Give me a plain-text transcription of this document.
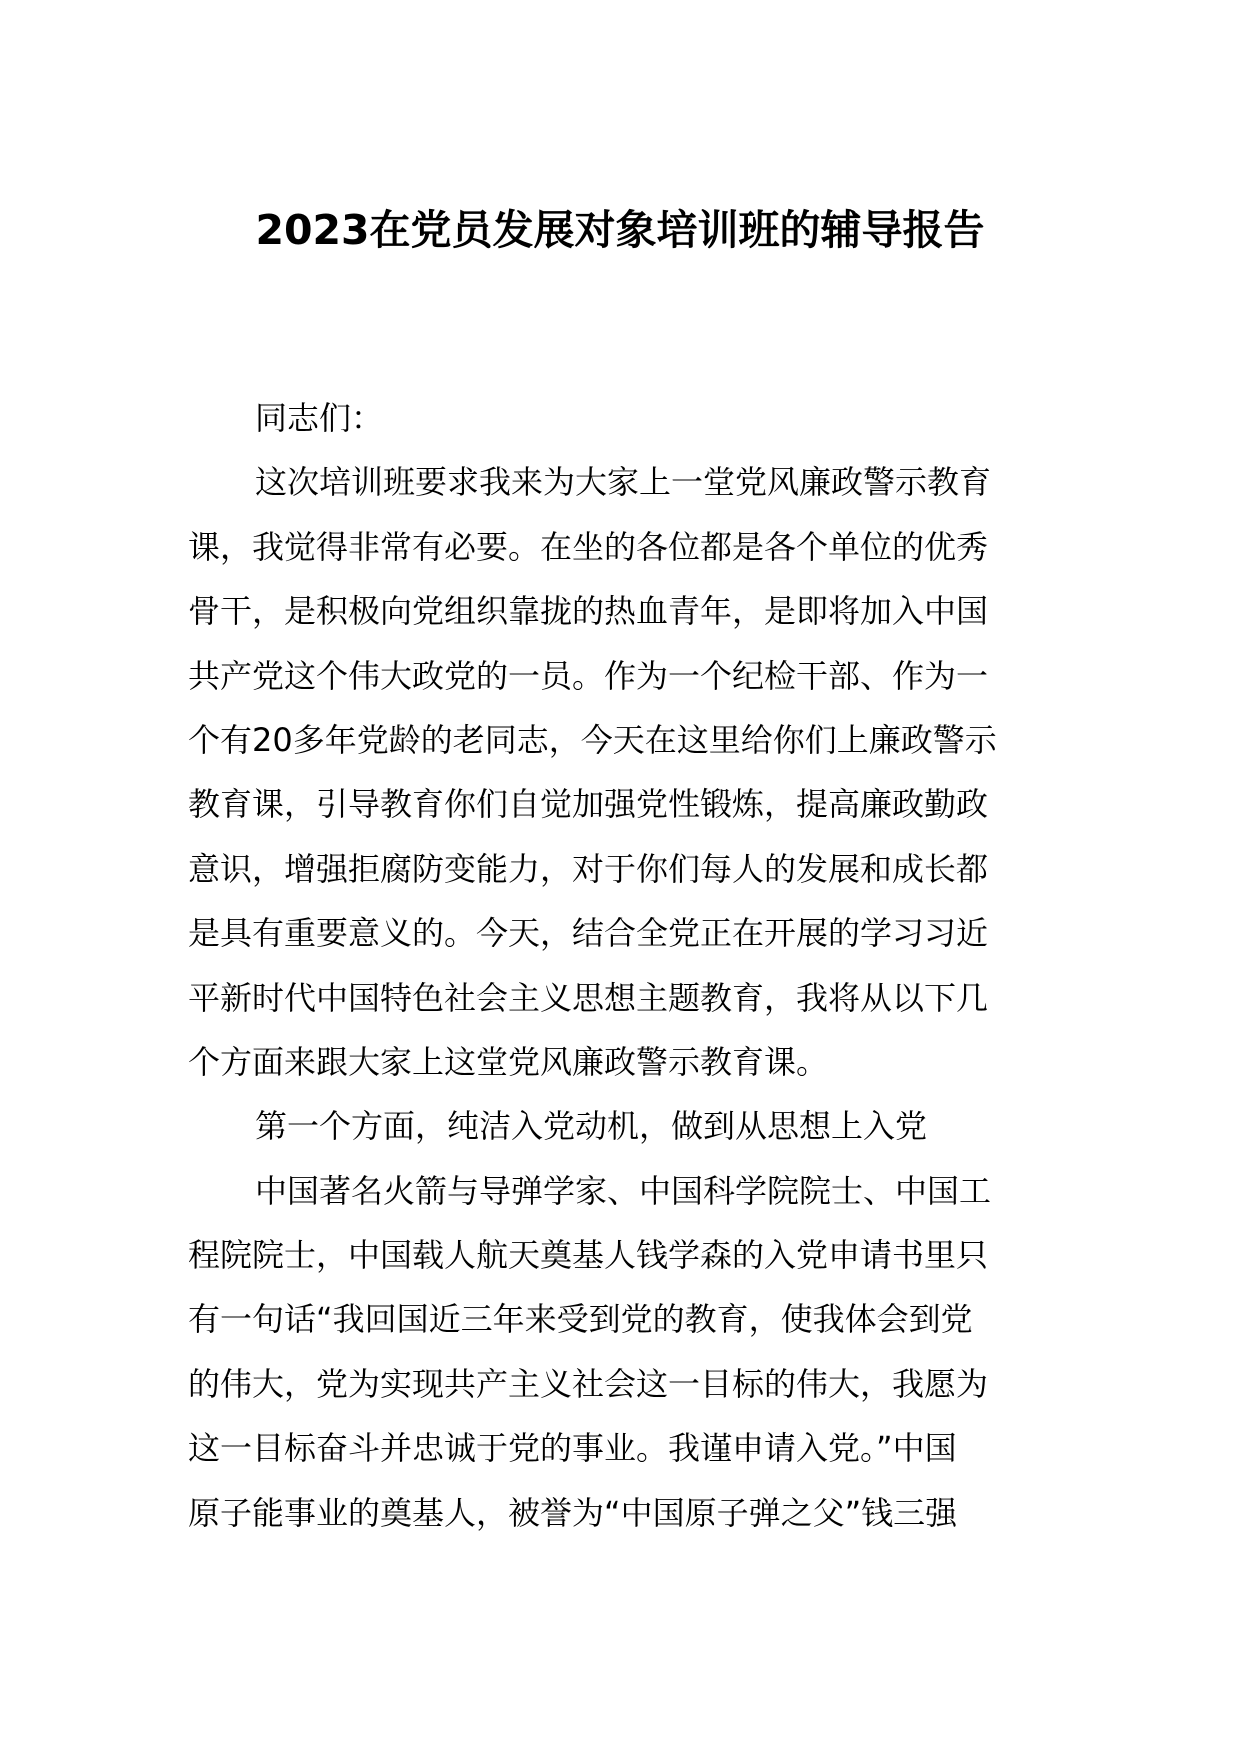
2023在党员发展对象培训班的辅导报告
同志们：
这次培训班要求我来为大家上一堂党风廉政警示教育
课，我觉得非常有必要。在坐的各位都是各个单位的优秀
骨干，是积极向党组织靠拢的热血青年，是即将加入中国
共产党这个伟大政党的一员。作为一个纪检干部、作为一
个有20多年党龄的老同志，今天在这里给你们上廉政警示
教育课，引导教育你们自觉加强党性锻炼，提高廉政勤政
意识，增强拒腐防变能力，对于你们每人的发展和成长都
是具有重要意义的。今天，结合全党正在开展的学习习近
平新时代中国特色社会主义思想主题教育，我将从以下几
个方面来跟大家上这堂党风廉政警示教育课。
第一个方面，纯洁入党动机，做到从思想上入党
中国著名火箭与导弹学家、中国科学院院士、中国工
程院院士，中国载人航天奠基人钱学森的入党申请书里只
有一句话“我回国近三年来受到党的教育，使我体会到党
的伟大，党为实现共产主义社会这一目标的伟大，我愿为
这一目标奋斗并忠诚于党的事业。我谨申请入党。”中国
原子能事业的奠基人，被誉为“中国原子弹之父”钱三强
